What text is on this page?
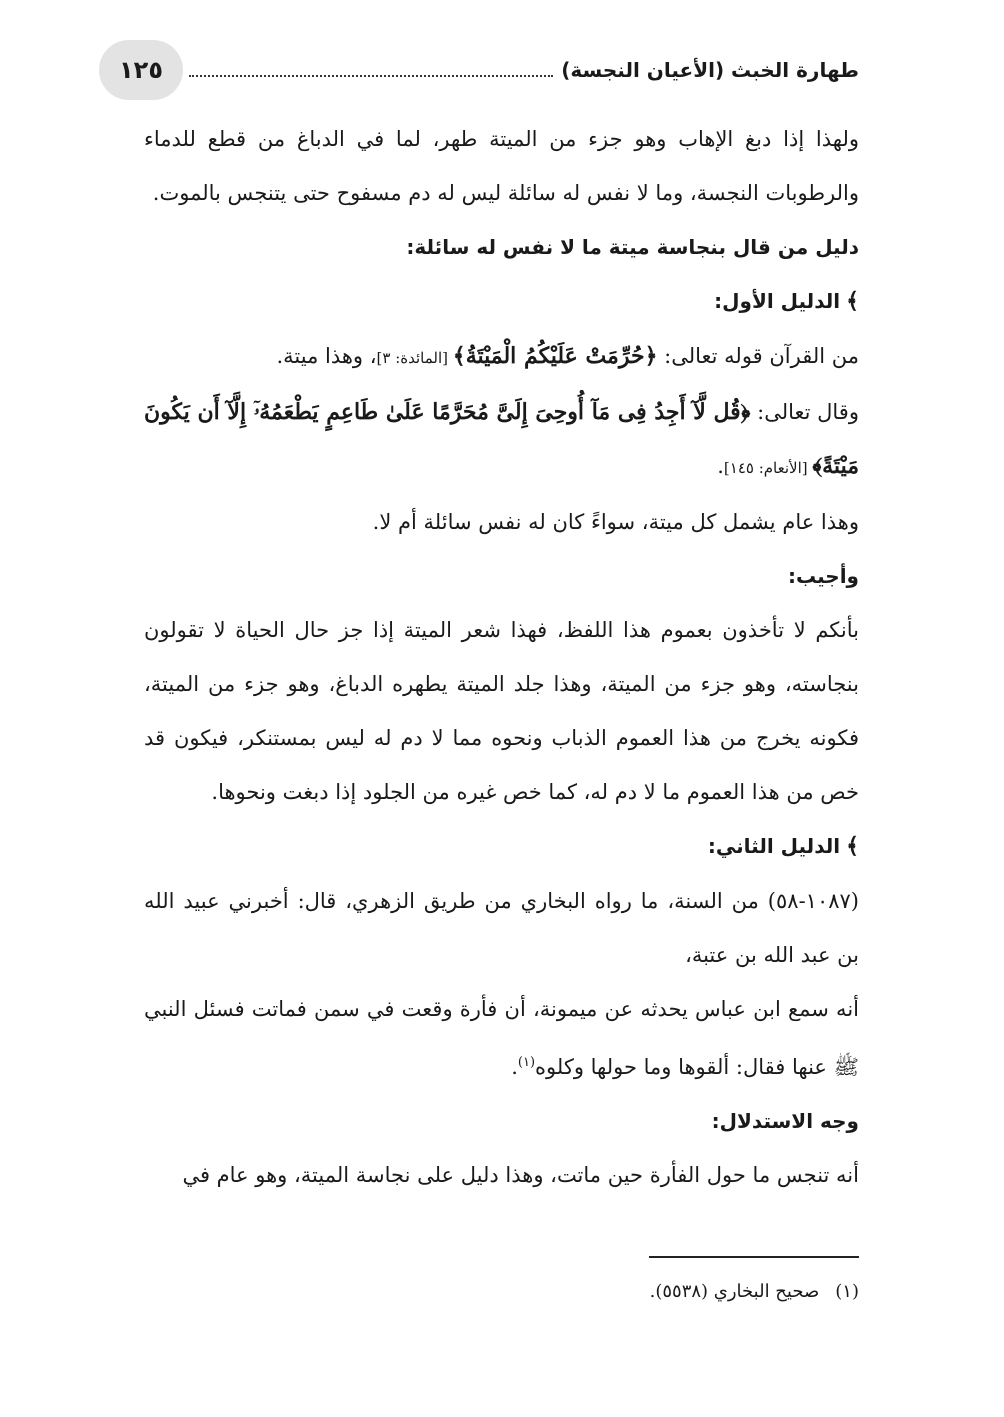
طهارة الخبث (الأعيان النجسة)
١٢٥

ولهذا إذا دبغ الإهاب وهو جزء من الميتة طهر، لما في الدباغ من قطع للدماء والرطوبات النجسة، وما لا نفس له سائلة ليس له دم مسفوح حتى يتنجس بالموت.

دليل من قال بنجاسة ميتة ما لا نفس له سائلة:

﴾الدليل الأول:

من القرآن قوله تعالى: ﴿حُرِّمَتْ عَلَيْكُمُ الْمَيْتَةُ﴾ [المائدة: ٣]، وهذا ميتة.

وقال تعالى: ﴿قُل لَّآ أَجِدُ فِى مَآ أُوحِىَ إِلَىَّ مُحَرَّمًا عَلَىٰ طَاعِمٍ يَطْعَمُهُۥٓ إِلَّآ أَن يَكُونَ مَيْتَةً﴾ [الأنعام: ١٤٥].

وهذا عام يشمل كل ميتة، سواءً كان له نفس سائلة أم لا.

وأجيب:

بأنكم لا تأخذون بعموم هذا اللفظ، فهذا شعر الميتة إذا جز حال الحياة لا تقولون بنجاسته، وهو جزء من الميتة، وهذا جلد الميتة يطهره الدباغ، وهو جزء من الميتة، فكونه يخرج من هذا العموم الذباب ونحوه مما لا دم له ليس بمستنكر، فيكون قد خص من هذا العموم ما لا دم له، كما خص غيره من الجلود إذا دبغت ونحوها.

﴾الدليل الثاني:

(١٠٨٧-٥٨) من السنة، ما رواه البخاري من طريق الزهري، قال: أخبرني عبيد الله بن عبد الله بن عتبة،

أنه سمع ابن عباس يحدثه عن ميمونة، أن فأرة وقعت في سمن فماتت فسئل النبي ﷺ عنها فقال: ألقوها وما حولها وكلوه$^{(١)}$.

وجه الاستدلال:

أنه تنجس ما حول الفأرة حين ماتت، وهذا دليل على نجاسة الميتة، وهو عام في

(١)صحيح البخاري (٥٥٣٨).
